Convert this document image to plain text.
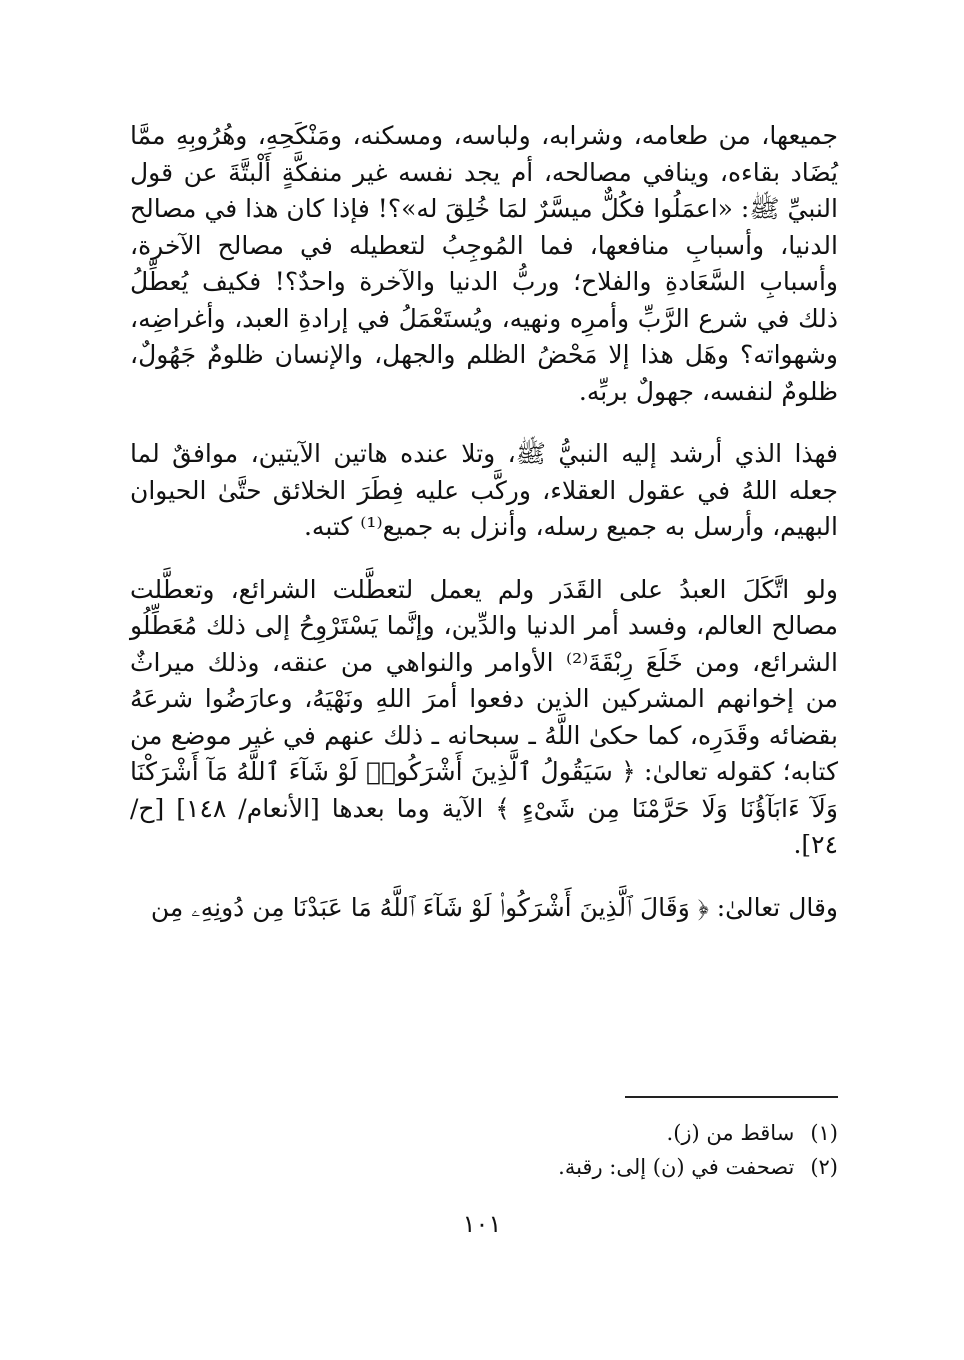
جميعها، من طعامه، وشرابه، ولباسه، ومسكنه، ومَنْكَحِهِ، وهُرُوبِهِ ممَّا يُضَاد بقاءه، وينافي مصالحه، أم يجد نفسه غير منفكَّةٍ أَلْبتَّةَ عن قول النبيِّ ﷺ: «اعمَلُوا فكُلٌّ ميسَّرٌ لمَا خُلِقَ له»؟! فإذا كان هذا في مصالح الدنيا، وأسبابِ منافعها، فما المُوجِبُ لتعطيله في مصالح الآخرة، وأسبابِ السَّعَادةِ والفلاح؛ وربُّ الدنيا والآخرة واحدٌ؟! فكيف يُعطِّلُ ذلك في شرع الرَّبِّ وأمرِه ونهيه، ويُستَعْمَلُ في إرادةِ العبد، وأغراضِه، وشهواته؟ وهَل هذا إلا مَحْضُ الظلم والجهل، والإنسان ظلومٌ جَهُولٌ، ظلومٌ لنفسه، جهولٌ بربِّه.

فهذا الذي أرشد إليه النبيُّ ﷺ، وتلا عنده هاتين الآيتين، موافقٌ لما جعله اللهُ في عقول العقلاء، وركَّب عليه فِطَرَ الخلائق حتَّىٰ الحيوان البهيم، وأرسل به جميع رسله، وأنزل به جميع⁽¹⁾ كتبه.

ولو اتَّكَلَ العبدُ على القَدَر ولم يعمل لتعطَّلت الشرائع، وتعطَّلت مصالح العالم، وفسد أمر الدنيا والدِّين، وإنَّما يَسْتَرْوِحُ إلى ذلك مُعَطِّلُو الشرائع، ومن خَلَعَ رِبْقَةَ⁽²⁾ الأوامر والنواهي من عنقه، وذلك ميراثٌ من إخوانهم المشركين الذين دفعوا أمرَ اللهِ ونَهْيَهُ، وعارَضُوا شرعَهُ بقضائه وقَدَرِه، كما حكىٰ اللَّهُ ـ سبحانه ـ ذلك عنهم في غير موضع من كتابه؛ كقوله تعالىٰ: ﴿ سَيَقُولُ ٱلَّذِينَ أَشْرَكُوا۟ لَوْ شَآءَ ٱللَّهُ مَآ أَشْرَكْنَا وَلَآ ءَابَآؤُنَا وَلَا حَرَّمْنَا مِن شَىْءٍ ﴾ الآية وما بعدها [الأنعام/ ١٤٨] [ح/ ٢٤].

وقال تعالىٰ: ﴿ وَقَالَ ٱلَّذِينَ أَشْرَكُوا۟ لَوْ شَآءَ ٱللَّهُ مَا عَبَدْنَا مِن دُونِهِۦ مِن

(١)
ساقط من (ز).

(٢)
تصحفت في (ن) إلى: رقبة.

١٠١
